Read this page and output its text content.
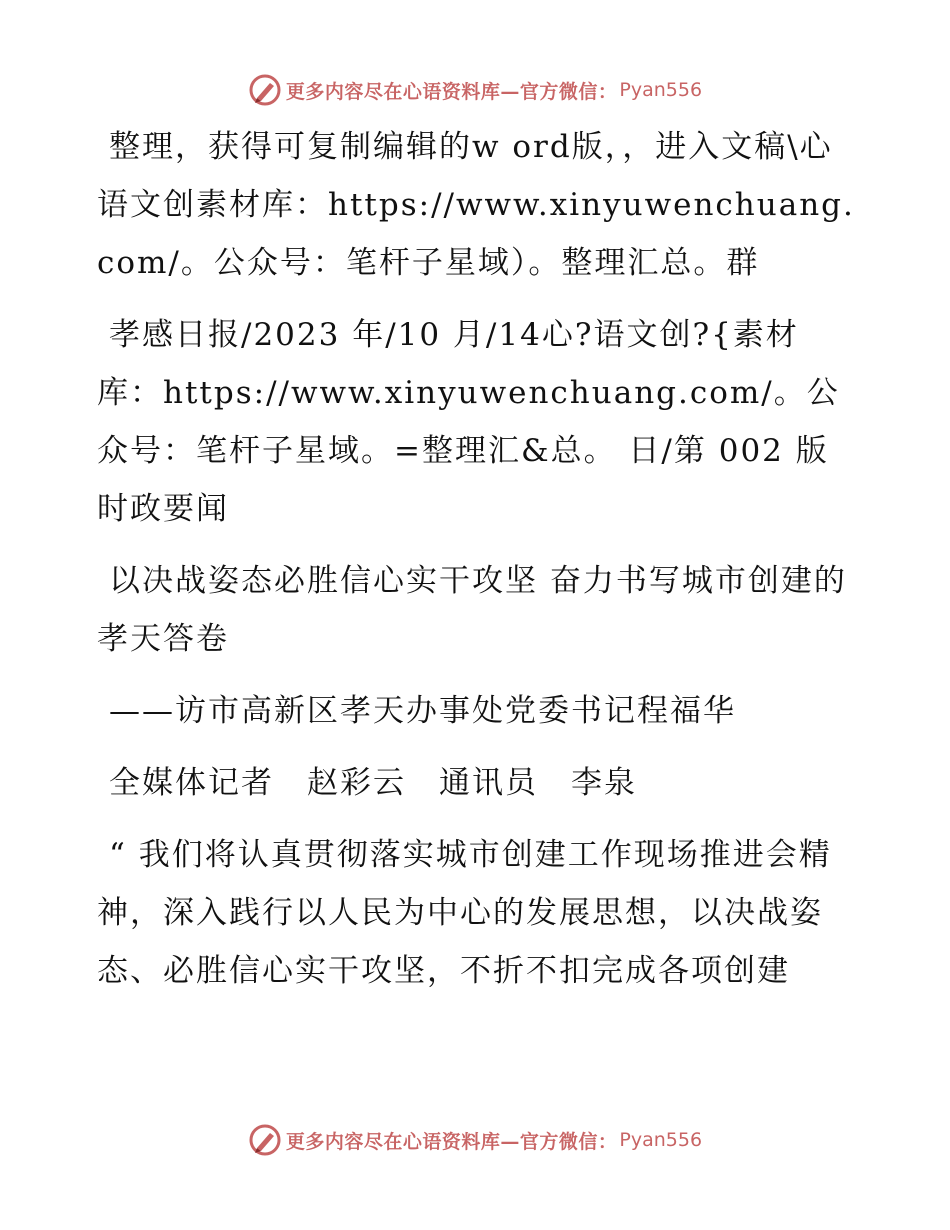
更多内容尽在心语资料库—官方微信： Pyan556

整理，获得可复制编辑的w ord版，，进入文稿\心语文创素材库：https://www.xinyuwenchuang.com/。公众号：笔杆子星域）。整理汇总。群

孝感日报/2023 年/10 月/14心?语文创?{素材库：https://www.xinyuwenchuang.com/。公众号：笔杆子星域。=整理汇&总。 日/第 002 版时政要闻

以决战姿态必胜信心实干攻坚 奋力书写城市创建的孝天答卷

——访市高新区孝天办事处党委书记程福华

全媒体记者　赵彩云　通讯员　李泉

“ 我们将认真贯彻落实城市创建工作现场推进会精神，深入践行以人民为中心的发展思想，以决战姿态、必胜信心实干攻坚，不折不扣完成各项创建

更多内容尽在心语资料库—官方微信： Pyan556
